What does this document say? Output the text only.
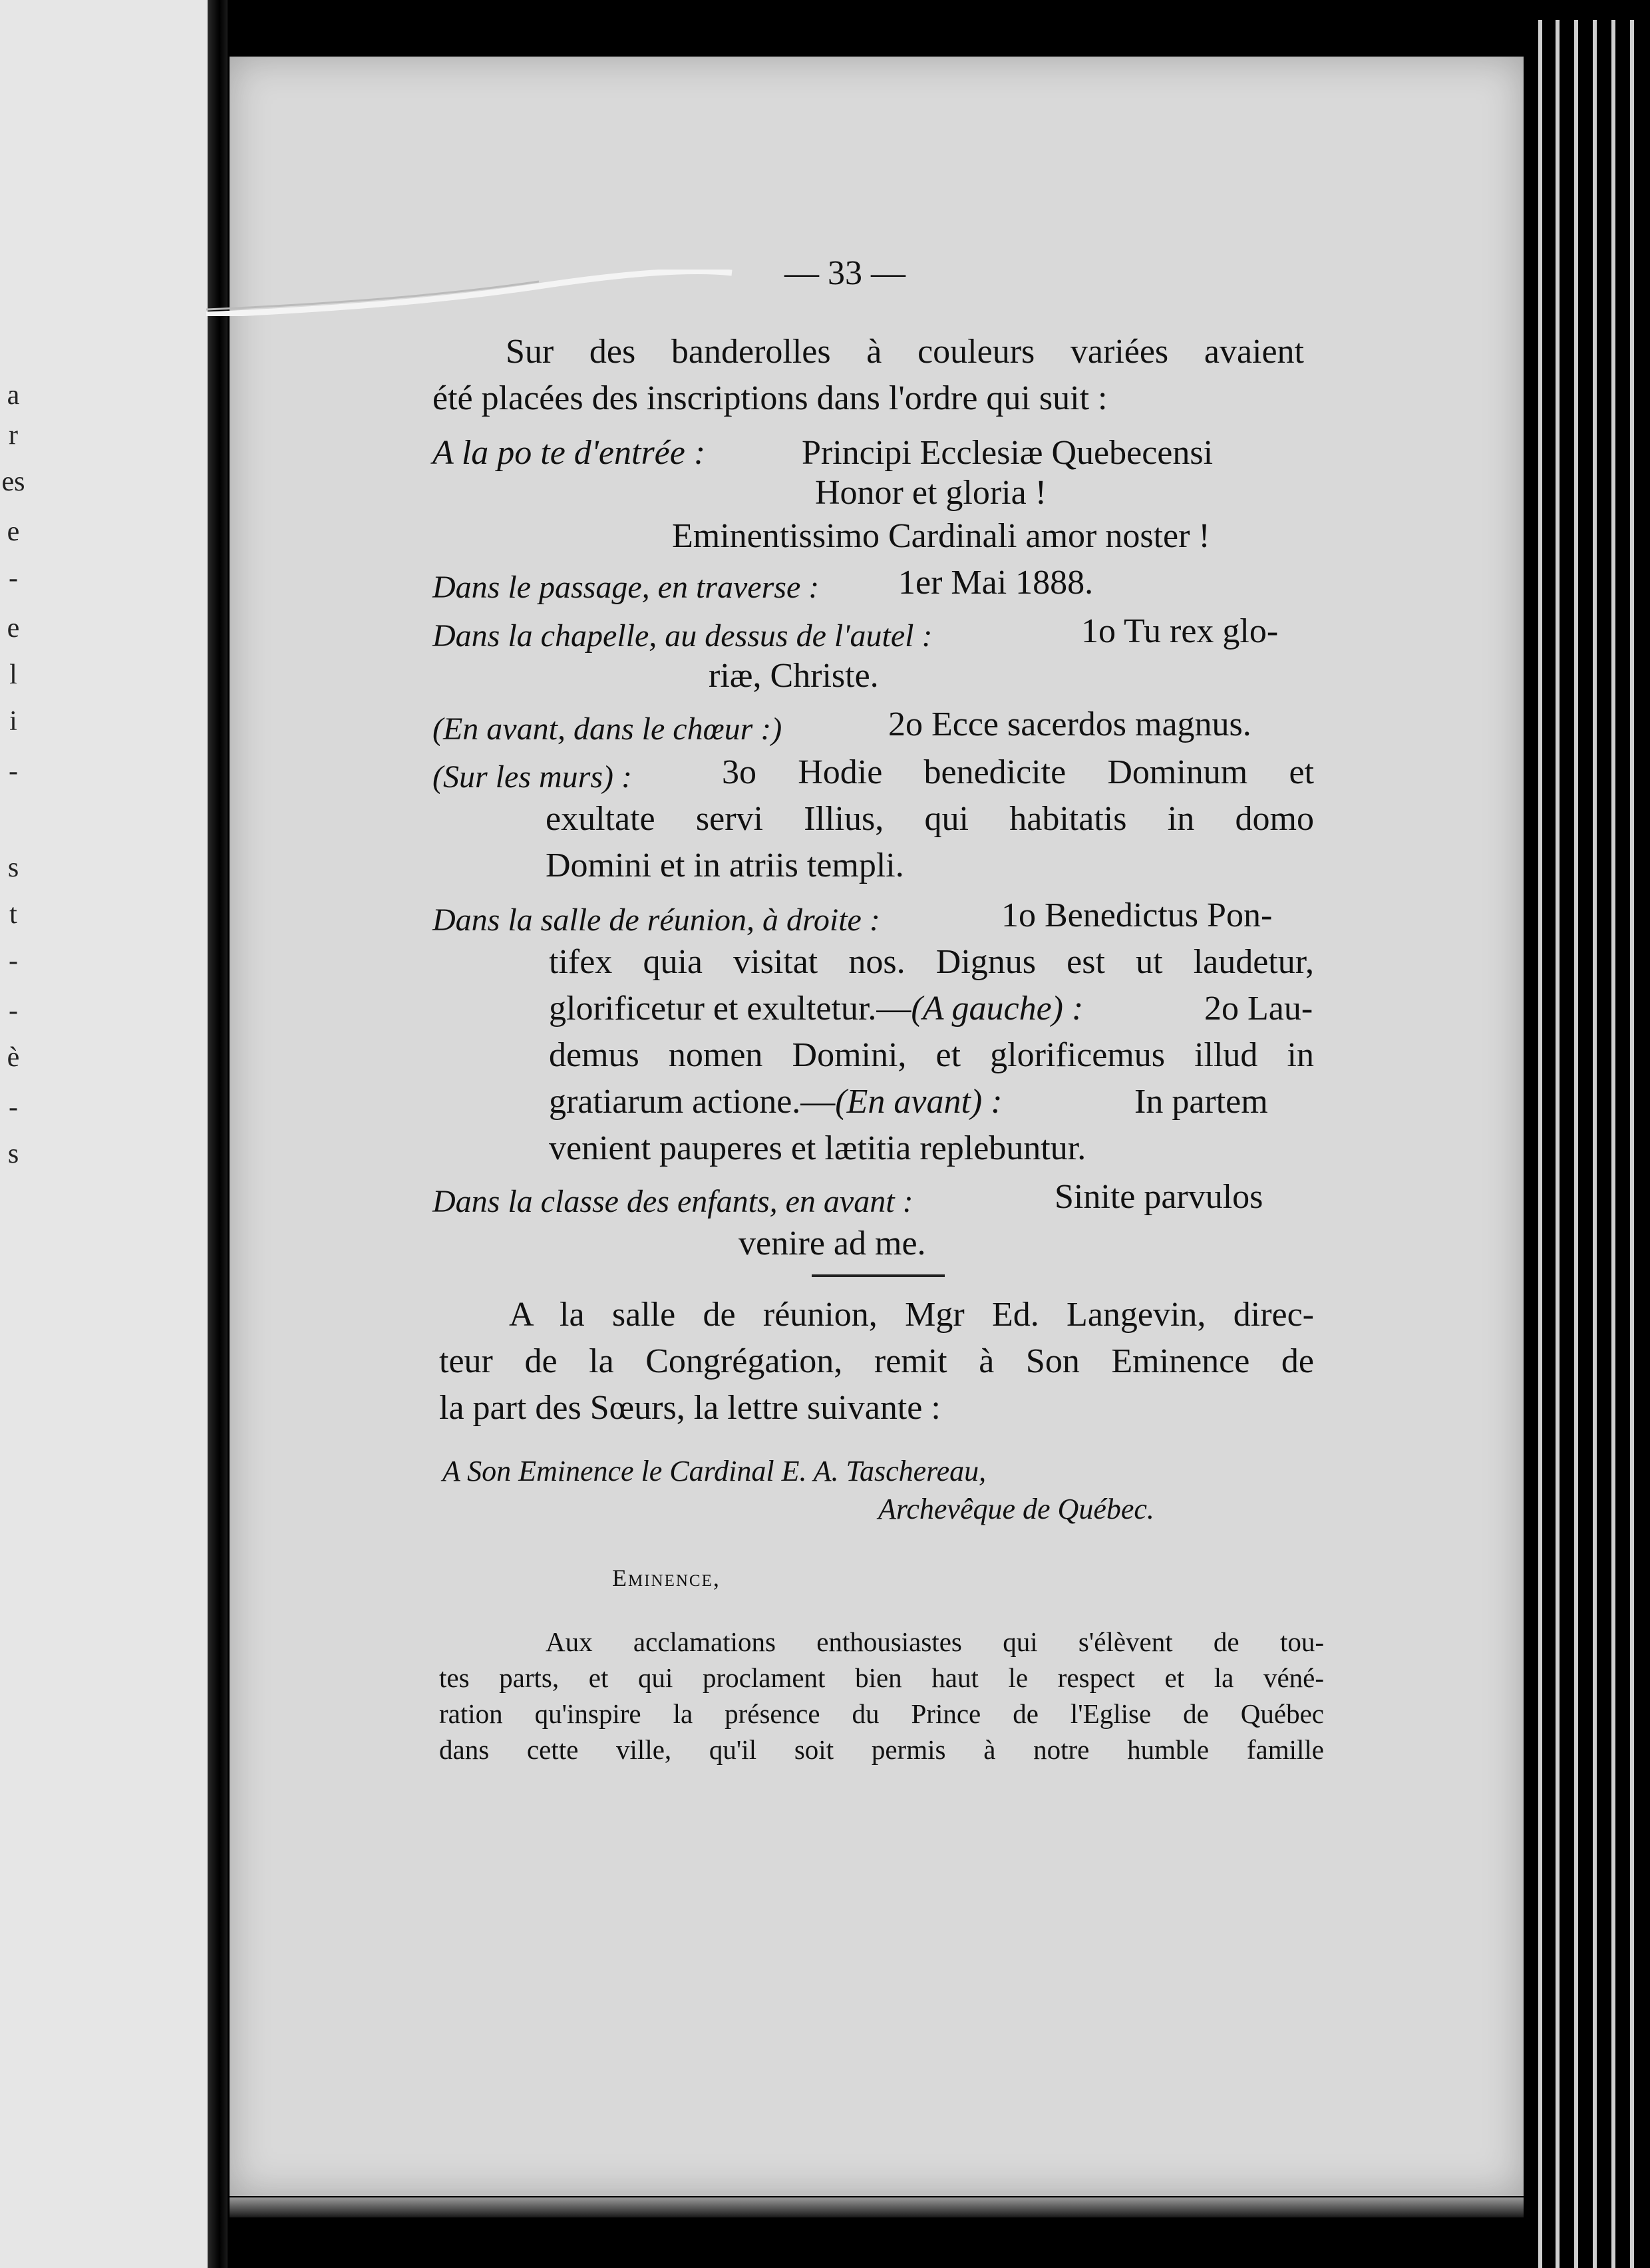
a
r
es
e
-
e
l
i
-
s
t
-
-
è
-
s
— 33 —
Sur des banderolles à couleurs variées avaient
été placées des inscriptions dans l'ordre qui suit :
A la po te d'entrée :	Principi Ecclesiæ Quebecensi
Honor et gloria !
Eminentissimo Cardinali amor noster !
Dans le passage, en traverse : 1er Mai 1888.
Dans la chapelle, au dessus de l'autel :	1o Tu rex glo-
riæ, Christe.
(En avant, dans le chœur :)	2o Ecce sacerdos magnus.
(Sur les murs) :	3o Hodie benedicite Dominum et
exultate servi Illius, qui habitatis in domo
Domini et in atriis templi.
Dans la salle de réunion, à droite :	1o Benedictus Pon-
tifex quia visitat nos. Dignus est ut laudetur,
glorificetur et exultetur.—(A gauche) :	2o Lau-
demus nomen Domini, et glorificemus illud in
gratiarum actione.—(En avant) :	In partem
venient pauperes et lætitia replebuntur.
Dans la classe des enfants, en avant :	Sinite parvulos
venire ad me.
A la salle de réunion, Mgr Ed. Langevin, direc-
teur de la Congrégation, remit à Son Eminence de
la part des Sœurs, la lettre suivante :
A Son Eminence le Cardinal E. A. Taschereau,
Archevêque de Québec.
Eminence,
Aux acclamations enthousiastes qui s'élèvent de tou-
tes parts, et qui proclament bien haut le respect et la véné-
ration qu'inspire la présence du Prince de l'Eglise de Québec
dans cette ville, qu'il soit permis à notre humble famille
